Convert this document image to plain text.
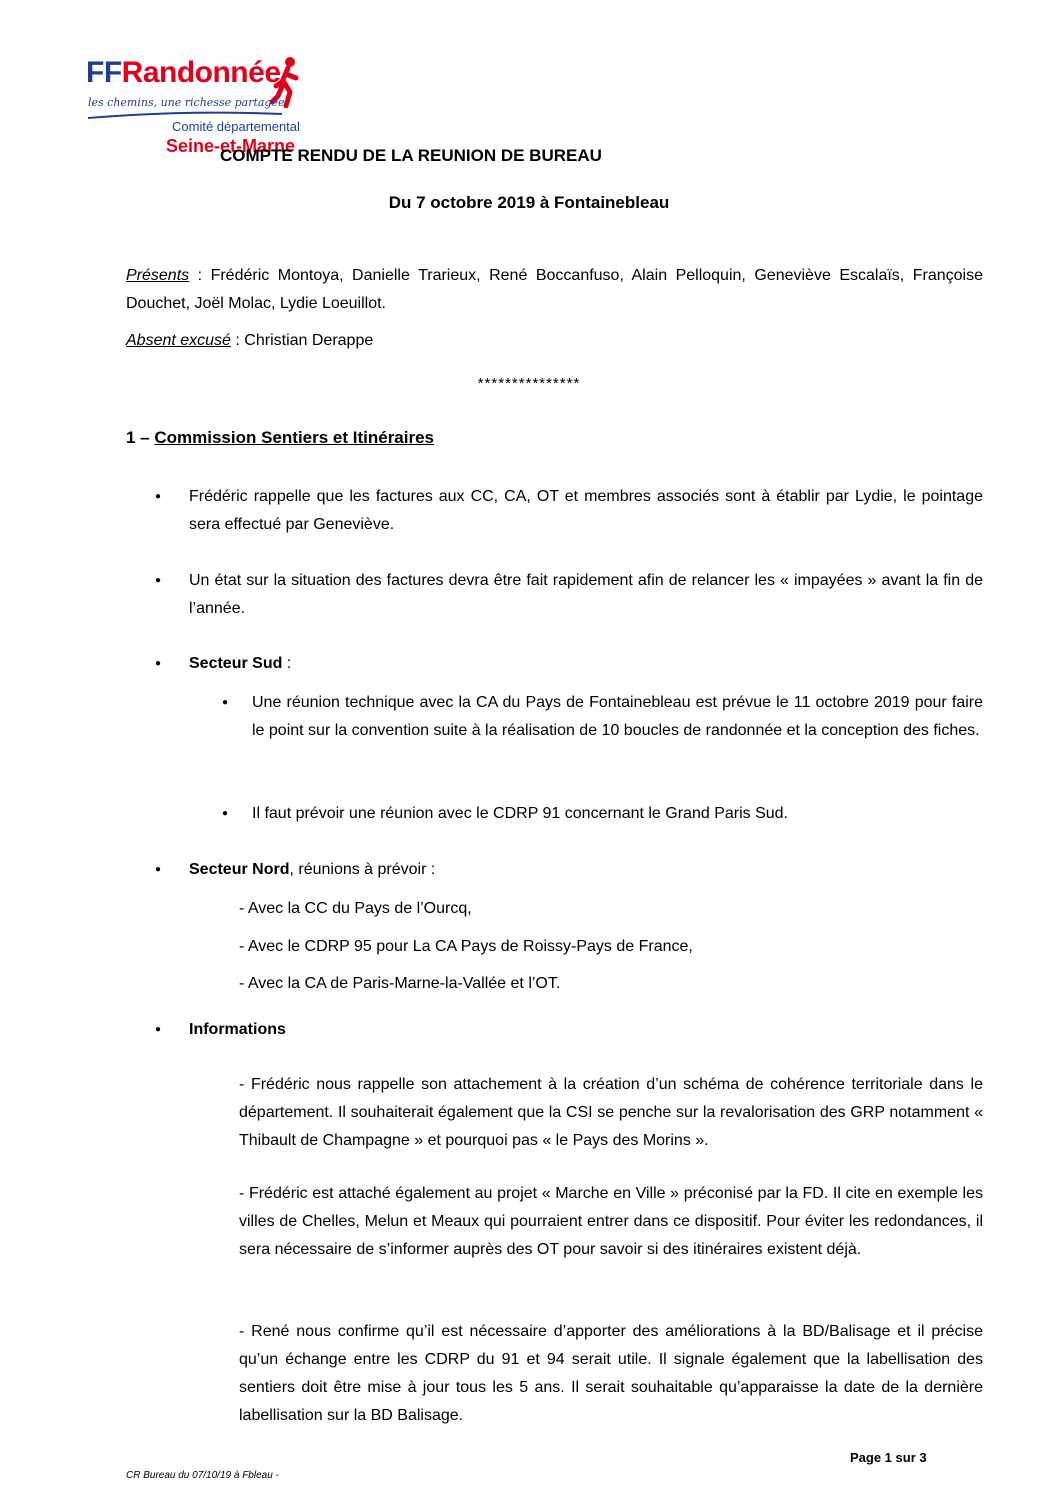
FFRandonnée
les chemins, une richesse partagée
Comité départemental
Seine-et-Marne
COMPTE RENDU DE LA REUNION DE BUREAU
Du 7 octobre 2019 à Fontainebleau
Présents : Frédéric Montoya, Danielle Trarieux, René Boccanfuso, Alain Pelloquin, Geneviève Escalaïs, Françoise Douchet, Joël Molac, Lydie Loeuillot.
Absent excusé : Christian Derappe
***************
1 – Commission Sentiers et Itinéraires
● Frédéric rappelle que les factures aux CC, CA, OT et membres associés sont à établir par Lydie, le pointage sera effectué par Geneviève.
● Un état sur la situation des factures devra être fait rapidement afin de relancer les « impayées » avant la fin de l’année.
● Secteur Sud :
● Une réunion technique avec la CA du Pays de Fontainebleau est prévue le 11 octobre 2019 pour faire le point sur la convention suite à la réalisation de 10 boucles de randonnée et la conception des fiches.
● Il faut prévoir une réunion avec le CDRP 91 concernant le Grand Paris Sud.
● Secteur Nord, réunions à prévoir :
- Avec la CC du Pays de l’Ourcq,
- Avec le CDRP 95 pour La CA Pays de Roissy-Pays de France,
- Avec la CA de Paris-Marne-la-Vallée et l’OT.
● Informations
- Frédéric nous rappelle son attachement à la création d’un schéma de cohérence territoriale dans le département. Il souhaiterait également que la CSI se penche sur la revalorisation des GRP notamment « Thibault de Champagne » et pourquoi pas « le Pays des Morins ».
- Frédéric est attaché également au projet « Marche en Ville » préconisé par la FD. Il cite en exemple les villes de Chelles, Melun et Meaux qui pourraient entrer dans ce dispositif. Pour éviter les redondances, il sera nécessaire de s’informer auprès des OT pour savoir si des itinéraires existent déjà.
- René nous confirme qu’il est nécessaire d’apporter des améliorations à la BD/Balisage et il précise qu’un échange entre les CDRP du 91 et 94 serait utile. Il signale également que la labellisation des sentiers doit être mise à jour tous les 5 ans. Il serait souhaitable qu’apparaisse la date de la dernière labellisation sur la BD Balisage.
Page 1 sur 3
CR Bureau du 07/10/19 à Fbleau -
